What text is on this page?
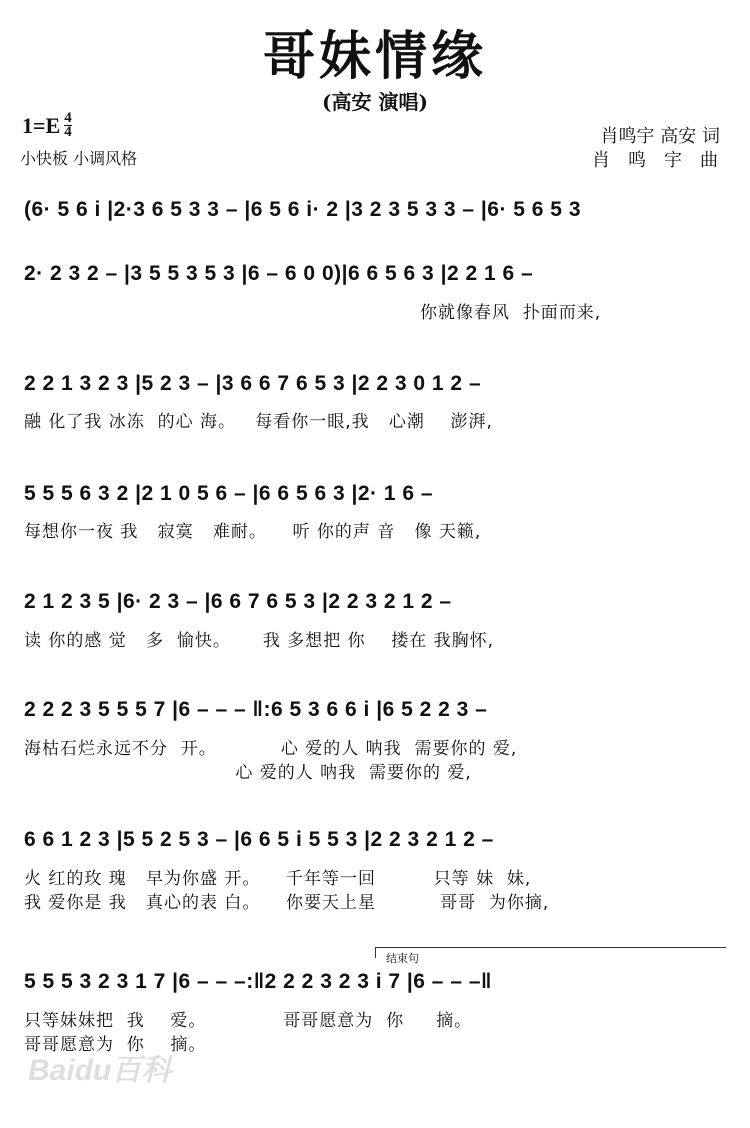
哥妹情缘
(高安 演唱)
$1=E \frac{4}{4}$
小快板 小调风格
肖鸣宇 高安 词
肖鸣宇曲
(6· 5 6 i |2·3 6 5 3 3 – |6 5 6 i· 2 |3 2 3 5 3 3 – |6· 5 6 5 3
2· 2 3 2 – |3 5 5 3 5 3 |6 – 6 0 0)|6 6 5 6 3 |2 2 1 6 –
你就像春风  扑面而来,
2 2 1 3 2 3 |5 2 3 – |3 6 6 7 6 5 3 |2 2 3 0 1 2 –
融 化了我 冰冻  的心 海。   每看你一眼,我   心潮    澎湃,
5 5 5 6 3 2 |2 1 0 5 6 – |6 6 5 6 3 |2· 1 6 –
每想你一夜 我   寂寞   难耐。    听 你的声 音   像 天籁,
2 1 2 3 5 |6· 2 3 – |6 6 7 6 5 3 |2 2 3 2 1 2 –
读 你的感 觉   多  愉快。     我 多想把 你    搂在 我胸怀,
2 2 2 3 5 5 5 7 |6 – – – ‖:6 5 3 6 6 i |6 5 2 2 3 –
海枯石烂永远不分  开。          心 爱的人 呐我  需要你的 爱,
心 爱的人 呐我  需要你的 爱,
6 6 1 2 3 |5 5 2 5 3 – |6 6 5 i 5 5 3 |2 2 3 2 1 2 –
火 红的玫 瑰   早为你盛 开。    千年等一回         只等 妹  妹,
我 爱你是 我   真心的表 白。    你要天上星          哥哥  为你摘,
结束句
5 5 5 3 2 3 1 7 |6 – – –:‖2 2 2 3 2 3 i 7 |6 – – –‖
只等妹妹把  我    爱。            哥哥愿意为  你     摘。
哥哥愿意为  你    摘。
Baidu百科
